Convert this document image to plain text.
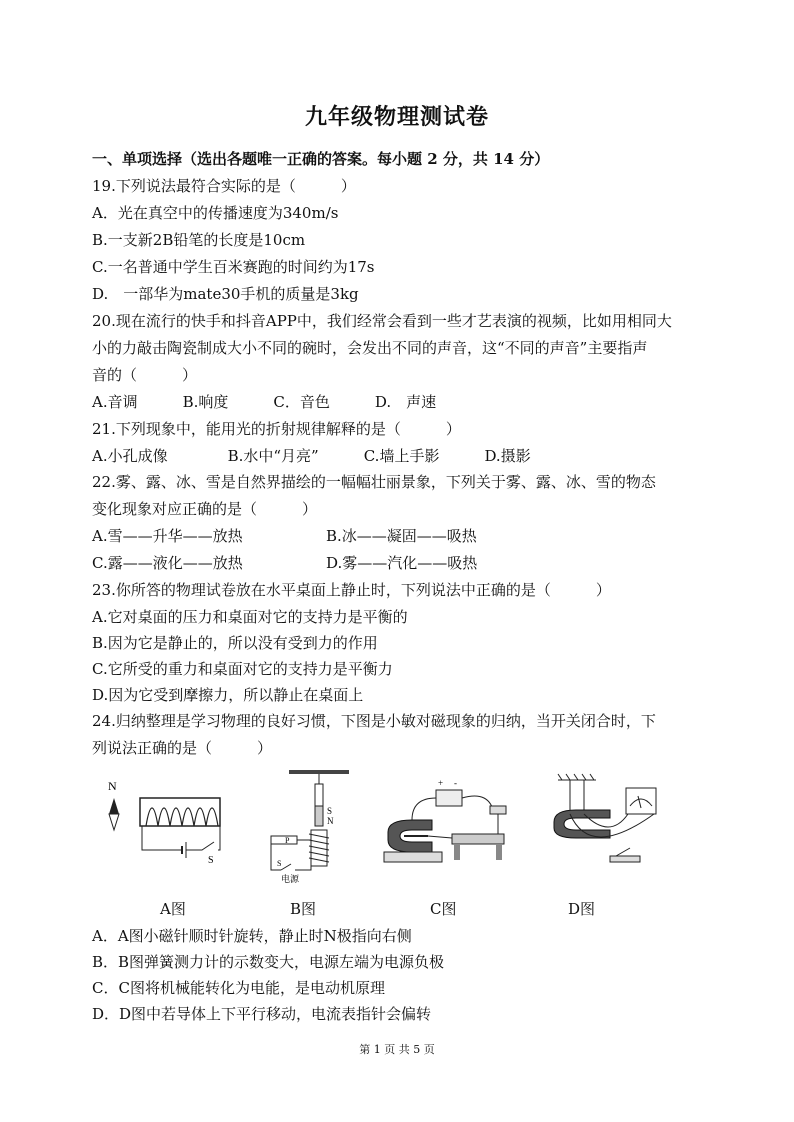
九年级物理测试卷
一、单项选择（选出各题唯一正确的答案。每小题 2 分，共 14 分）
19.下列说法最符合实际的是（　　　）
A．光在真空中的传播速度为340m/s
B.一支新2B铅笔的长度是10cm
C.一名普通中学生百米赛跑的时间约为17s
D.　一部华为mate30手机的质量是3kg
20.现在流行的快手和抖音APP中，我们经常会看到一些才艺表演的视频，比如用相同大
小的力敲击陶瓷制成大小不同的碗时，会发出不同的声音，这“不同的声音”主要指声
音的（　　　）
A.音调　　　B.响度　　　C．音色　　　D.　声速
21.下列现象中，能用光的折射规律解释的是（　　　）
A.小孔成像　　　　B.水中“月亮”　　　C.墙上手影　　　D.摄影
22.雾、露、冰、雪是自然界描绘的一幅幅壮丽景象，下列关于雾、露、冰、雪的物态
变化现象对应正确的是（　　　）
A.雪——升华——放热	B.冰——凝固——吸热
C.露——液化——放热	D.雾——汽化——吸热
23.你所答的物理试卷放在水平桌面上静止时，下列说法中正确的是（　　　）
A.它对桌面的压力和桌面对它的支持力是平衡的
B.因为它是静止的，所以没有受到力的作用
C.它所受的重力和桌面对它的支持力是平衡力
D.因为它受到摩擦力，所以静止在桌面上
24.归纳整理是学习物理的良好习惯，下图是小敏对磁现象的归纳，当开关闭合时，下
列说法正确的是（　　　）
N
S
S
N
P
S
电源
+ -
A图	B图	C图	D图
A．A图小磁针顺时针旋转，静止时N极指向右侧
B．B图弹簧测力计的示数变大，电源左端为电源负极
C．C图将机械能转化为电能，是电动机原理
D．D图中若导体上下平行移动，电流表指针会偏转
第 1 页 共 5 页
